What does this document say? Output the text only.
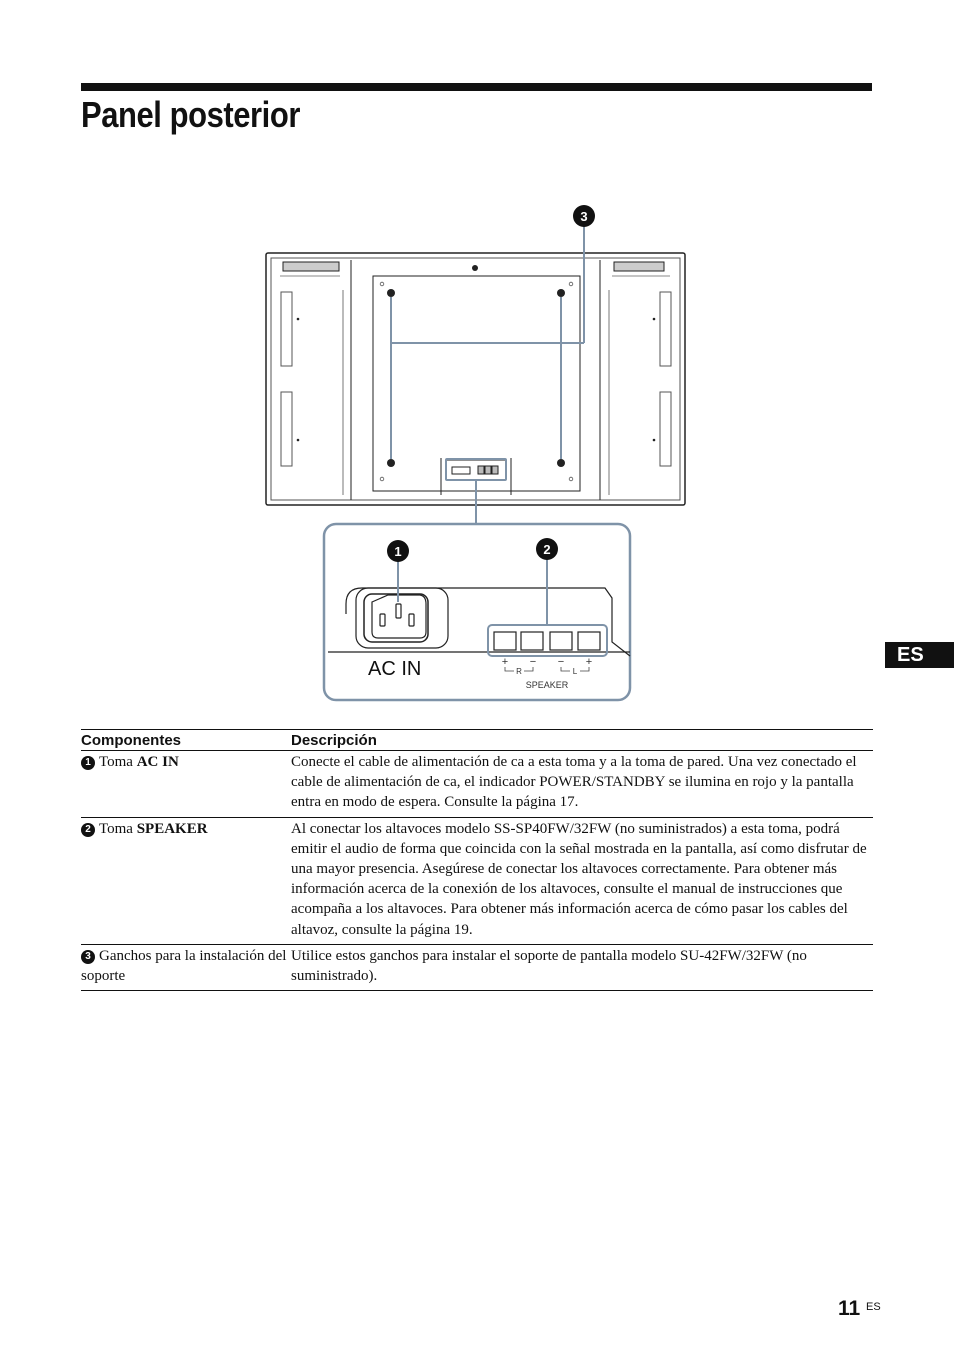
Panel posterior
3
1	2
AC IN	+ − − +
R	L
SPEAKER
ES
Componentes	Descripción
1 Toma AC IN	Conecte el cable de alimentación de ca a esta toma y a la toma de pared. Una vez conectado el cable de alimentación de ca, el indicador POWER/STANDBY se ilumina en rojo y la pantalla entra en modo de espera. Consulte la página 17.
2 Toma SPEAKER	Al conectar los altavoces modelo SS-SP40FW/32FW (no suministrados) a esta toma, podrá emitir el audio de forma que coincida con la señal mostrada en la pantalla, así como disfrutar de una mayor presencia. Asegúrese de conectar los altavoces correctamente. Para obtener más información acerca de la conexión de los altavoces, consulte el manual de instrucciones que acompaña a los altavoces. Para obtener más información acerca de cómo pasar los cables del altavoz, consulte la página 19.
3 Ganchos para la instalación del soporte	Utilice estos ganchos para instalar el soporte de pantalla modelo SU-42FW/32FW (no suministrado).
11 ES
